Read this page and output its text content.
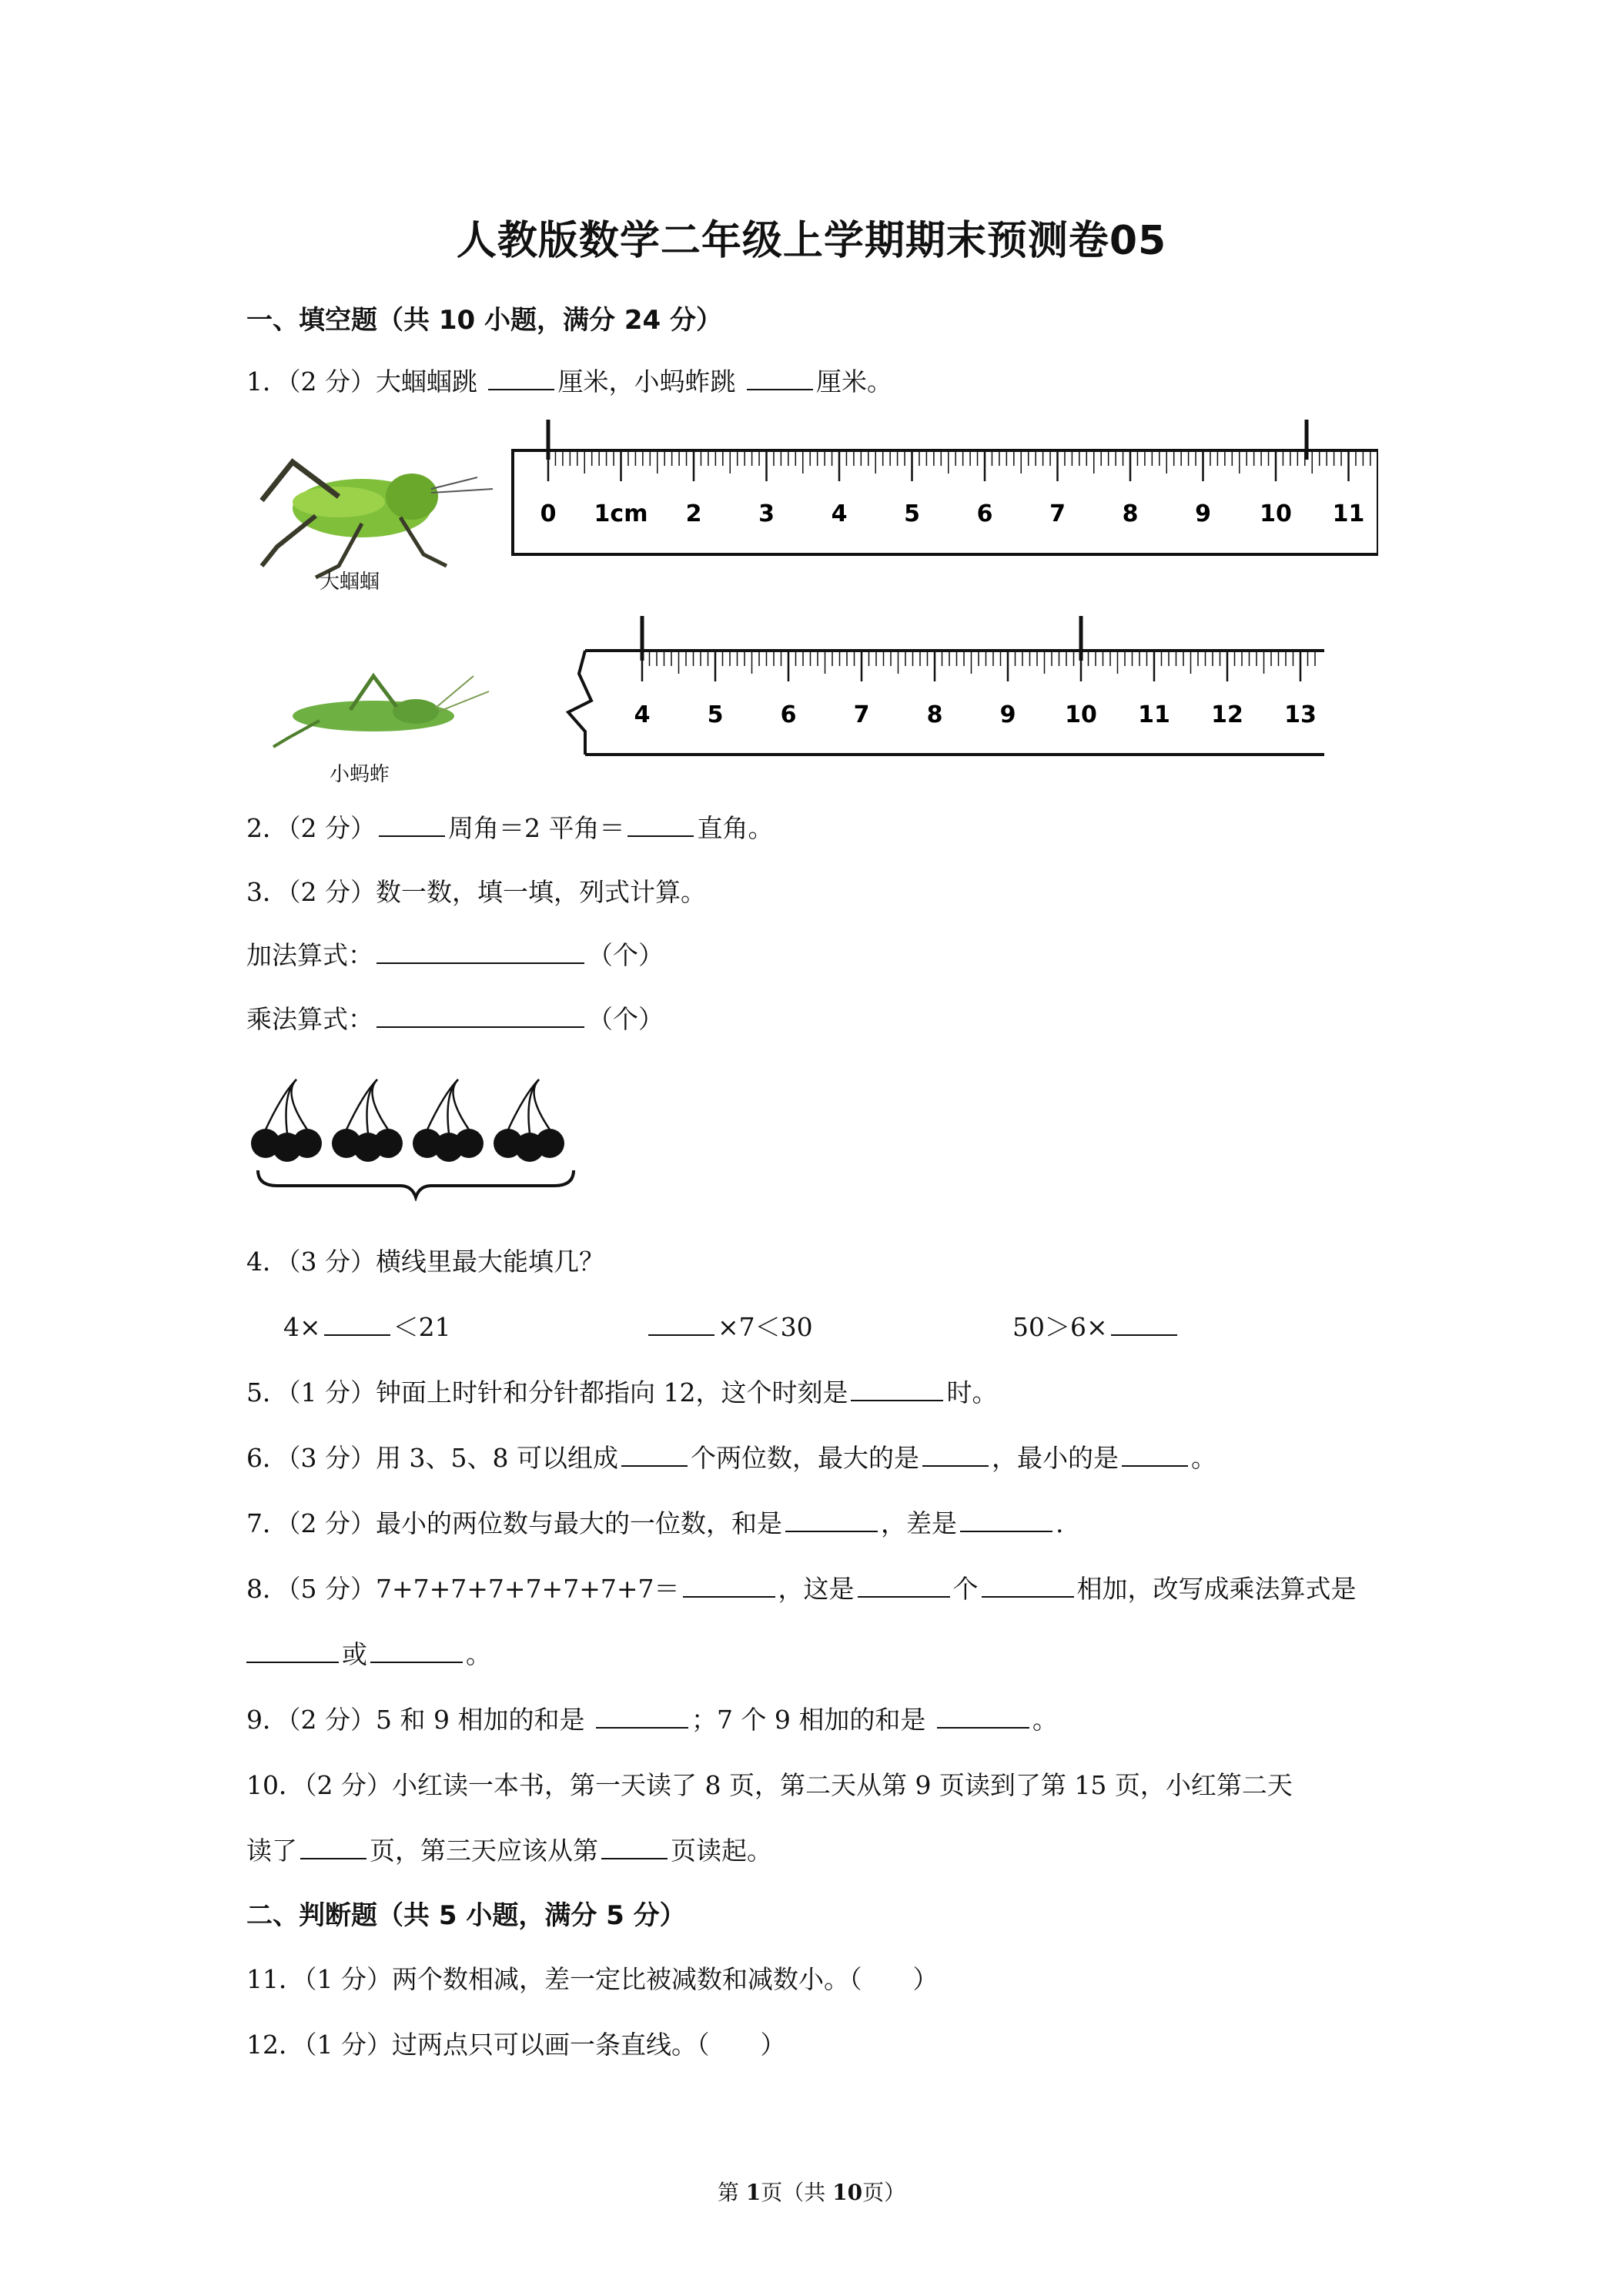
人教版数学二年级上学期期末预测卷05
一、填空题（共 10 小题，满分 24 分）
1．（2 分）大蝈蝈跳	厘米，小蚂蚱跳	厘米。
大蝈蝈
0 1cm 2 3 4 5 6 7 8 9 10 11
小蚂蚱
4 5 6 7 8 9 10 11 12 13
2．（2 分）	周角＝2 平角＝	直角。
3．（2 分）数一数，填一填，列式计算。
加法算式：	（个）
乘法算式：	（个）
4．（3 分）横线里最大能填几？
4×	＜21	×7＜30	50＞6×
5．（1 分）钟面上时针和分针都指向 12，这个时刻是	时。
6．（3 分）用 3、5、8 可以组成	个两位数，最大的是	，最小的是	。
7．（2 分）最小的两位数与最大的一位数，和是	，差是	.
8．（5 分）7+7+7+7+7+7+7+7＝	，这是	个	相加，改写成乘法算式是
或	。
9．（2 分）5 和 9 相加的和是	；7 个 9 相加的和是	。
10．（2 分）小红读一本书，第一天读了 8 页，第二天从第 9 页读到了第 15 页，小红第二天
读了	页，第三天应该从第	页读起。
二、判断题（共 5 小题，满分 5 分）
11．（1 分）两个数相减，差一定比被减数和减数小。（　　）
12．（1 分）过两点只可以画一条直线。（　　）
第 1页（共 10页）
